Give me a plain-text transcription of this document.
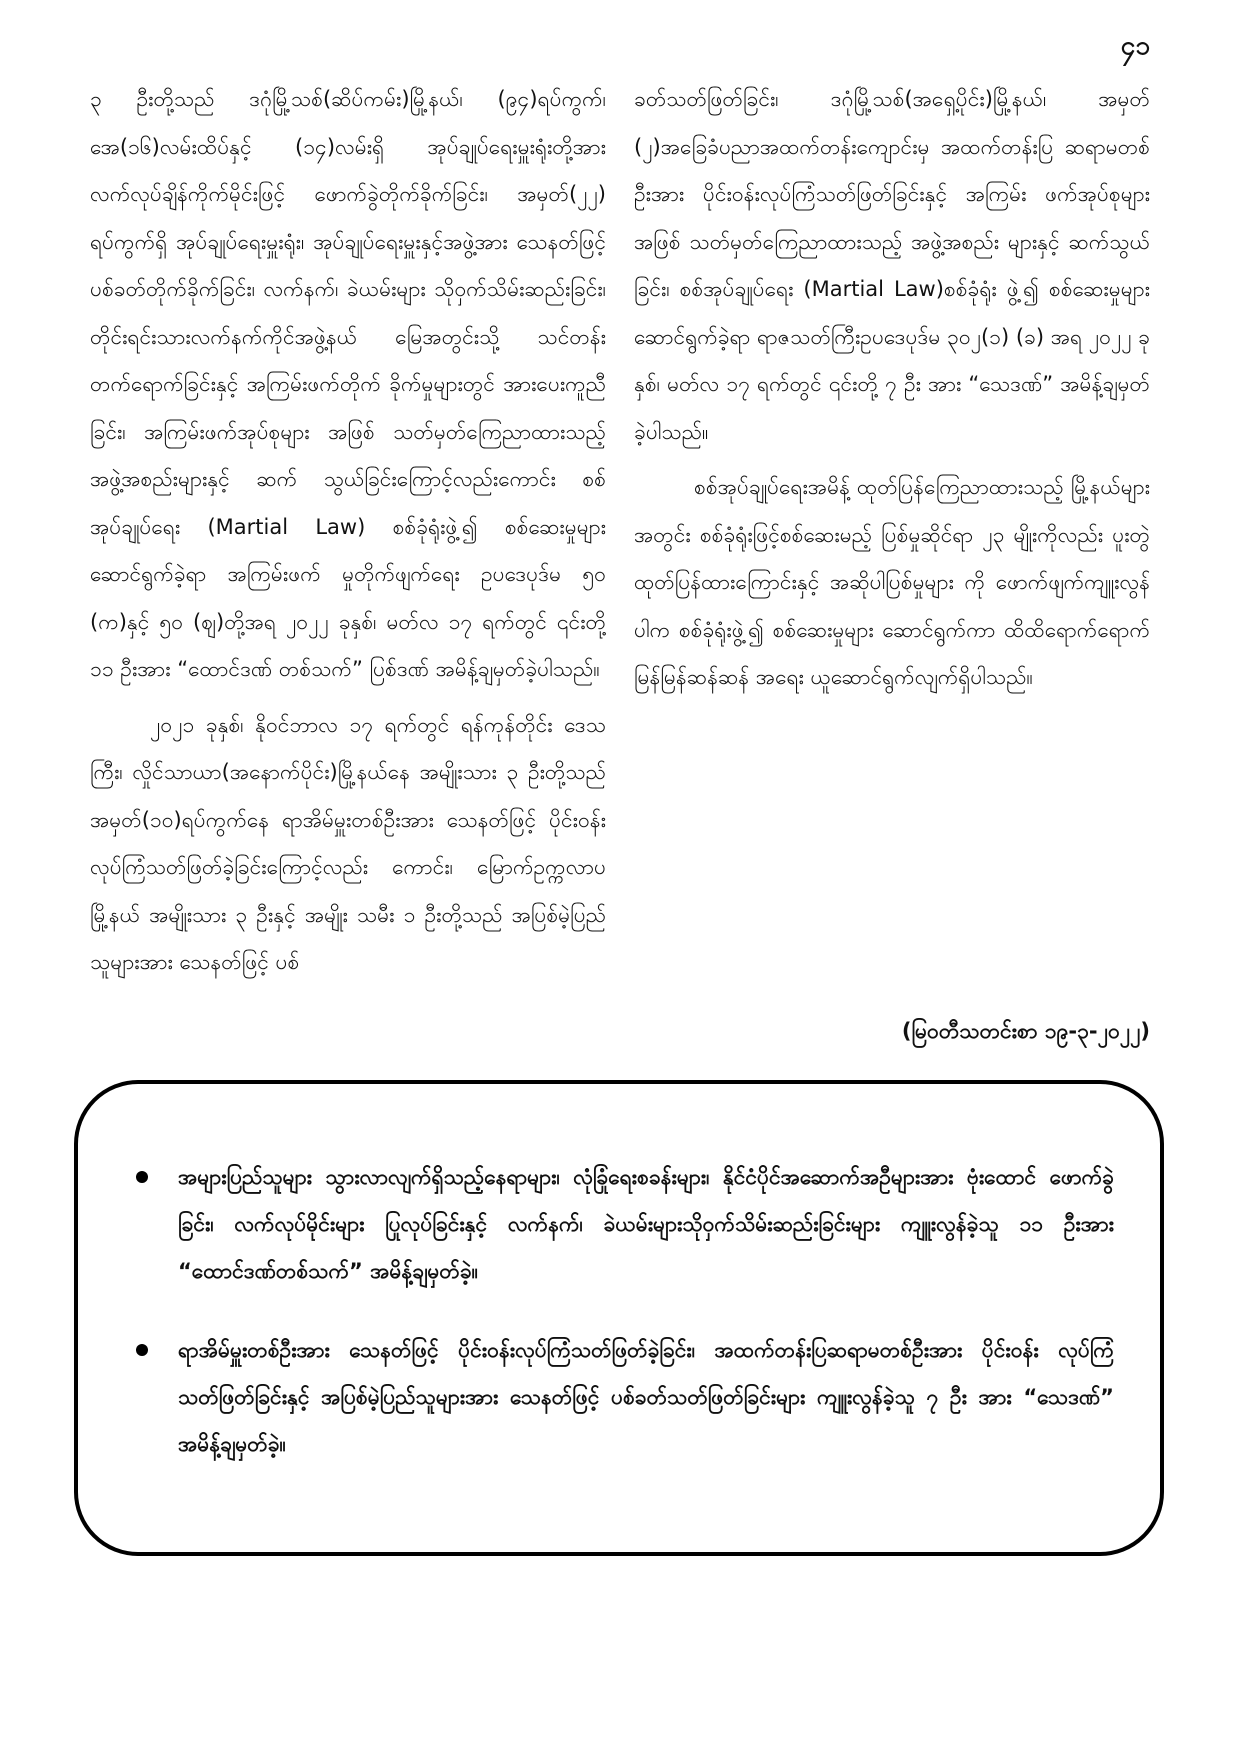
၄၁

၃ ဦးတို့သည် ဒဂုံမြို့သစ်(ဆိပ်ကမ်း)မြို့နယ်၊ (၉၄)ရပ်ကွက်၊ အေ(၁၆)လမ်းထိပ်နှင့် (၁၄)လမ်းရှိ အုပ်ချုပ်ရေးမှူးရုံးတို့အား လက်လုပ်ချိန်ကိုက်မိုင်းဖြင့် ဖောက်ခွဲတိုက်ခိုက်ခြင်း၊ အမှတ်(၂၂) ရပ်ကွက်ရှိ အုပ်ချုပ်ရေးမှူးရုံး၊ အုပ်ချုပ်ရေးမှူးနှင့်အဖွဲ့အား သေနတ်ဖြင့် ပစ်ခတ်တိုက်ခိုက်ခြင်း၊ လက်နက်၊ ခဲယမ်းများ သိုဝှက်သိမ်းဆည်းခြင်း၊ တိုင်းရင်းသားလက်နက်ကိုင်အဖွဲ့နယ် မြေအတွင်းသို့ သင်တန်းတက်ရောက်ခြင်းနှင့် အကြမ်းဖက်တိုက် ခိုက်မှုများတွင် အားပေးကူညီခြင်း၊ အကြမ်းဖက်အုပ်စုများ အဖြစ် သတ်မှတ်ကြေညာထားသည့် အဖွဲ့အစည်းများနှင့် ဆက် သွယ်ခြင်းကြောင့်လည်းကောင်း စစ်အုပ်ချုပ်ရေး (Martial Law) စစ်ခုံရုံးဖွဲ့၍ စစ်ဆေးမှုများဆောင်ရွက်ခဲ့ရာ အကြမ်းဖက် မှုတိုက်ဖျက်ရေး ဥပဒေပုဒ်မ ၅၀ (က)နှင့် ၅၀ (ဈ)တို့အရ ၂၀၂၂ ခုနှစ်၊ မတ်လ ၁၇ ရက်တွင် ၎င်းတို့ ၁၁ ဦးအား “ထောင်ဒဏ် တစ်သက်” ပြစ်ဒဏ် အမိန့်ချမှတ်ခဲ့ပါသည်။

၂၀၂၁ ခုနှစ်၊ နိုဝင်ဘာလ ၁၇ ရက်တွင် ရန်ကုန်တိုင်း ဒေသကြီး၊ လှိုင်သာယာ(အနောက်ပိုင်း)မြို့နယ်နေ အမျိုးသား ၃ ဦးတို့သည် အမှတ်(၁၀)ရပ်ကွက်နေ ရာအိမ်မှူးတစ်ဦးအား သေနတ်ဖြင့် ပိုင်းဝန်းလုပ်ကြံသတ်ဖြတ်ခဲ့ခြင်းကြောင့်လည်း ကောင်း၊ မြောက်ဥက္ကလာပမြို့နယ် အမျိုးသား ၃ ဦးနှင့် အမျိုး သမီး ၁ ဦးတို့သည် အပြစ်မဲ့ပြည်သူများအား သေနတ်ဖြင့် ပစ်

ခတ်သတ်ဖြတ်ခြင်း၊ ဒဂုံမြို့သစ်(အရှေ့ပိုင်း)မြို့နယ်၊ အမှတ် (၂)အခြေခံပညာအထက်တန်းကျောင်းမှ အထက်တန်းပြ ဆရာမတစ်ဦးအား ပိုင်းဝန်းလုပ်ကြံသတ်ဖြတ်ခြင်းနှင့် အကြမ်း ဖက်အုပ်စုများအဖြစ် သတ်မှတ်ကြေညာထားသည့် အဖွဲ့အစည်း များနှင့် ဆက်သွယ်ခြင်း၊ စစ်အုပ်ချုပ်ရေး (Martial Law)စစ်ခုံရုံး ဖွဲ့၍ စစ်ဆေးမှုများဆောင်ရွက်ခဲ့ရာ ရာဇသတ်ကြီးဥပဒေပုဒ်မ ၃၀၂(၁) (ခ) အရ ၂၀၂၂ ခုနှစ်၊ မတ်လ ၁၇ ရက်တွင် ၎င်းတို့ ၇ ဦး အား “သေဒဏ်” အမိန့်ချမှတ်ခဲ့ပါသည်။

စစ်အုပ်ချုပ်ရေးအမိန့် ထုတ်ပြန်ကြေညာထားသည့် မြို့နယ်များအတွင်း စစ်ခုံရုံးဖြင့်စစ်ဆေးမည့် ပြစ်မှုဆိုင်ရာ ၂၃ မျိုးကိုလည်း ပူးတွဲထုတ်ပြန်ထားကြောင်းနှင့် အဆိုပါပြစ်မှုများ ကို ဖောက်ဖျက်ကျူးလွန်ပါက စစ်ခုံရုံးဖွဲ့၍ စစ်ဆေးမှုများ ဆောင်ရွက်ကာ ထိထိရောက်ရောက် မြန်မြန်ဆန်ဆန် အရေး ယူဆောင်ရွက်လျက်ရှိပါသည်။

(မြဝတီသတင်းစာ ၁၉-၃-၂၀၂၂)
အများပြည်သူများ သွားလာလျက်ရှိသည့်နေရာများ၊ လုံခြုံရေးစခန်းများ၊ နိုင်ငံပိုင်အဆောက်အဦများအား ဗုံးထောင် ဖောက်ခွဲခြင်း၊ လက်လုပ်မိုင်းများ ပြုလုပ်ခြင်းနှင့် လက်နက်၊ ခဲယမ်းများသိုဝှက်သိမ်းဆည်းခြင်းများ ကျူးလွန်ခဲ့သူ ၁၁ ဦးအား “ထောင်ဒဏ်တစ်သက်” အမိန့်ချမှတ်ခဲ့။
ရာအိမ်မှူးတစ်ဦးအား သေနတ်ဖြင့် ပိုင်းဝန်းလုပ်ကြံသတ်ဖြတ်ခဲ့ခြင်း၊ အထက်တန်းပြဆရာမတစ်ဦးအား ပိုင်းဝန်း လုပ်ကြံသတ်ဖြတ်ခြင်းနှင့် အပြစ်မဲ့ပြည်သူများအား သေနတ်ဖြင့် ပစ်ခတ်သတ်ဖြတ်ခြင်းများ ကျူးလွန်ခဲ့သူ ၇ ဦး အား “သေဒဏ်” အမိန့်ချမှတ်ခဲ့။
